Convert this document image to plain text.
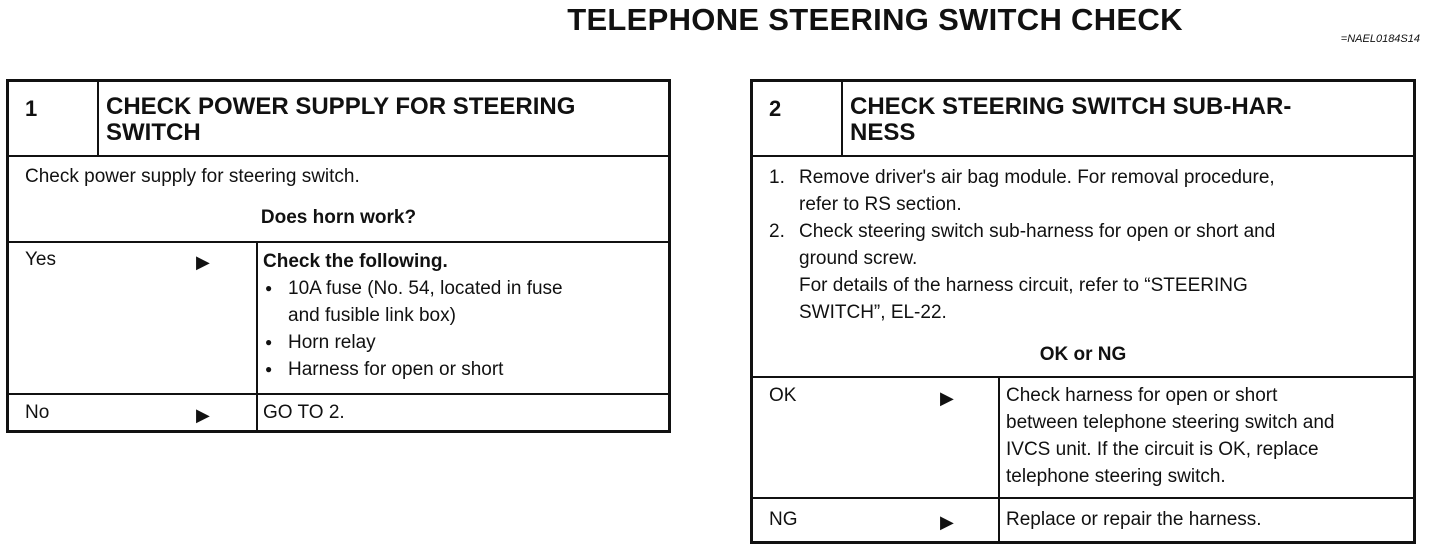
TELEPHONE STEERING SWITCH CHECK
=NAEL0184S14
1	CHECK POWER SUPPLY FOR STEERING
SWITCH
Check power supply for steering switch.
Does horn work?
Yes	▶	Check the following.
● 10A fuse (No. 54, located in fuse
and fusible link box)
● Horn relay
● Harness for open or short
No	▶	GO TO 2.
2	CHECK STEERING SWITCH SUB-HAR-
NESS
1. Remove driver's air bag module. For removal procedure,
refer to RS section.
2. Check steering switch sub-harness for open or short and
ground screw.
For details of the harness circuit, refer to “STEERING
SWITCH”, EL-22.
OK or NG
OK	▶	Check harness for open or short
between telephone steering switch and
IVCS unit. If the circuit is OK, replace
telephone steering switch.
NG	▶	Replace or repair the harness.
